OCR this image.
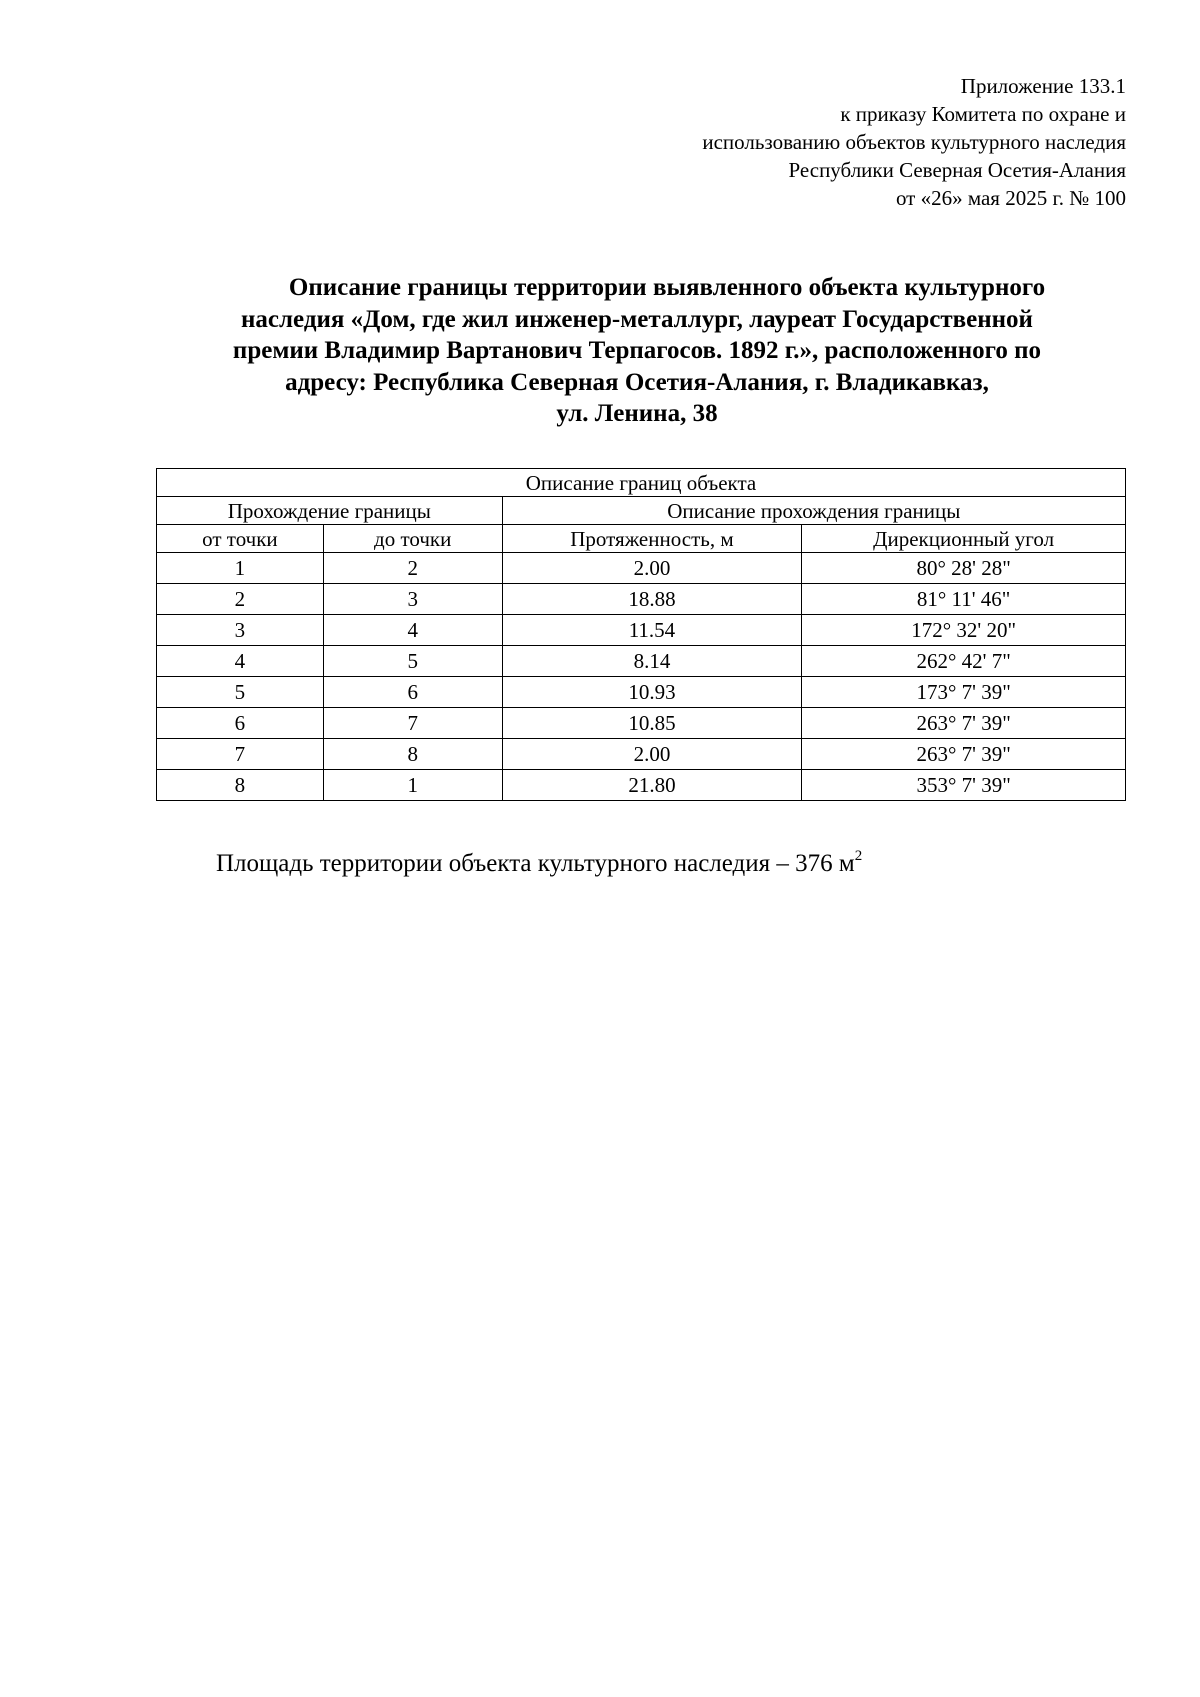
Приложение 133.1
к приказу Комитета по охране и
использованию объектов культурного наследия
Республики Северная Осетия-Алания
от «26» мая 2025 г. № 100
Описание границы территории выявленного объекта культурного
наследия «Дом, где жил инженер-металлург, лауреат Государственной
премии Владимир Вартанович Терпагосов. 1892 г.», расположенного по
адресу: Республика Северная Осетия-Алания, г. Владикавказ,
ул. Ленина, 38
Описание границ объекта			
Прохождение границы		Описание прохождения границы	
от точки	до точки	Протяженность, м	Дирекционный угол
1	2	2.00	80° 28' 28"
2	3	18.88	81° 11' 46"
3	4	11.54	172° 32' 20"
4	5	8.14	262° 42' 7"
5	6	10.93	173° 7' 39"
6	7	10.85	263° 7' 39"
7	8	2.00	263° 7' 39"
8	1	21.80	353° 7' 39"
Площадь территории объекта культурного наследия – 376 $м^2$
